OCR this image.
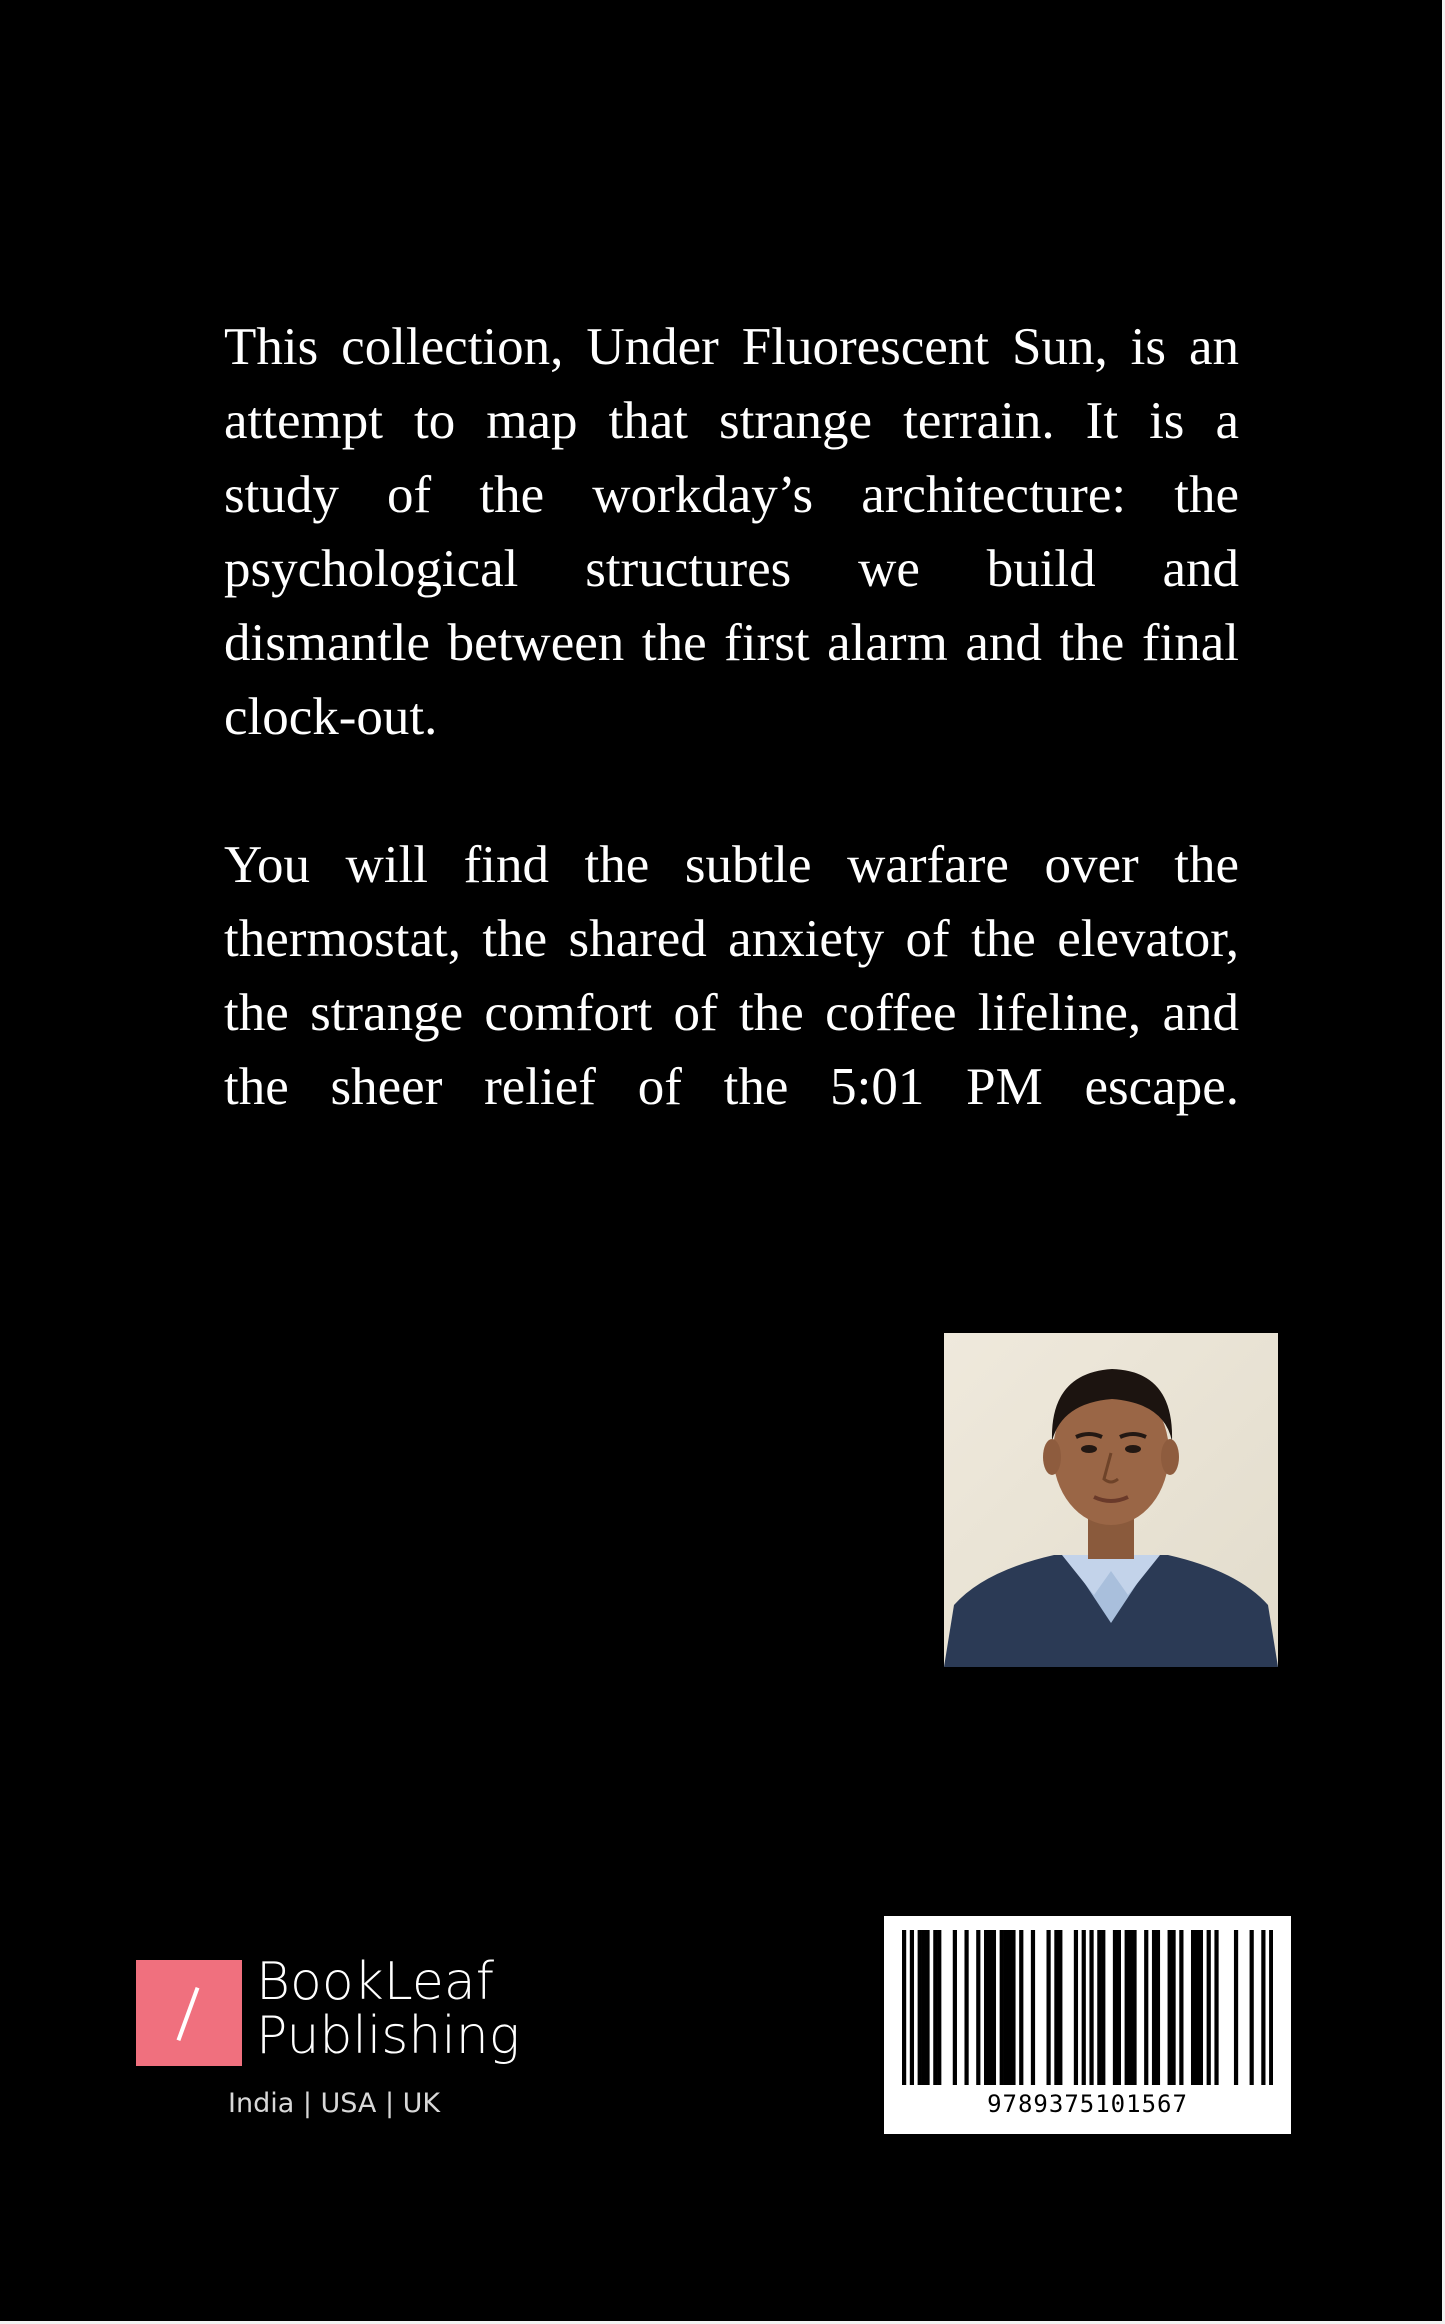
This collection, Under Fluorescent Sun, is an

attempt to map that strange terrain. It is a

study of the workday’s architecture: the

psychological structures we build and

dismantle between the first alarm and the final

clock-out.

You will find the subtle warfare over the

thermostat, the shared anxiety of the elevator,

the strange comfort of the coffee lifeline, and

the sheer relief of the 5:01 PM escape.

BookLeaf
Publishing
India | USA | UK	9789375101567
